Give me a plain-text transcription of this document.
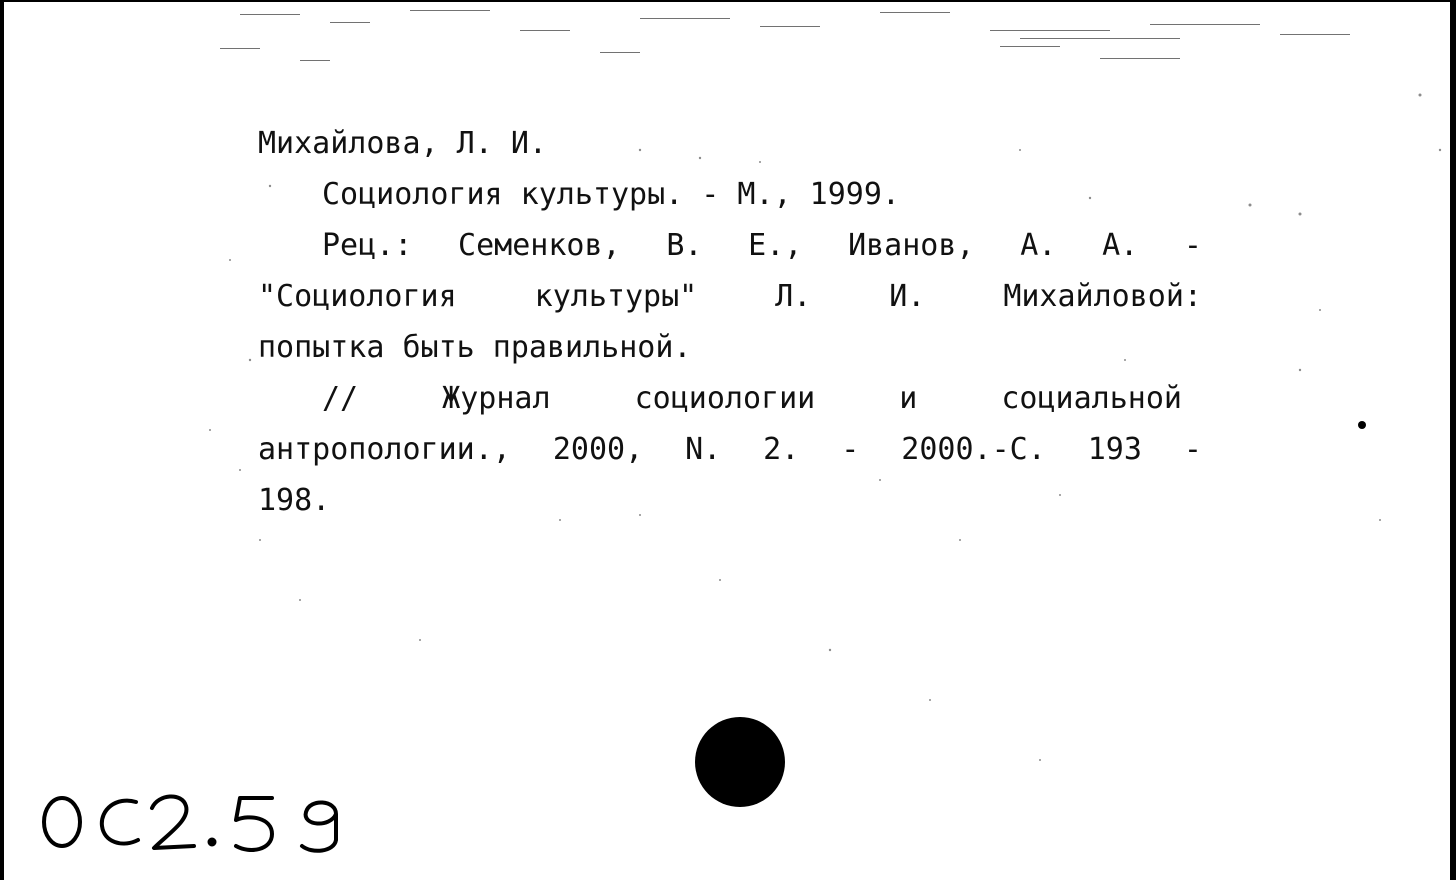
Михайлова, Л. И.
Социология культуры. - М., 1999.
Рец.: Семенков, В. Е., Иванов, А. А. -
"Социология	культуры"	Л.	И.	Михайловой:
попытка быть правильной.
//	Журнал	социологии	и	социальной
антропологии., 2000, N. 2. - 2000.-С. 193 -
198.
ОС2.59
